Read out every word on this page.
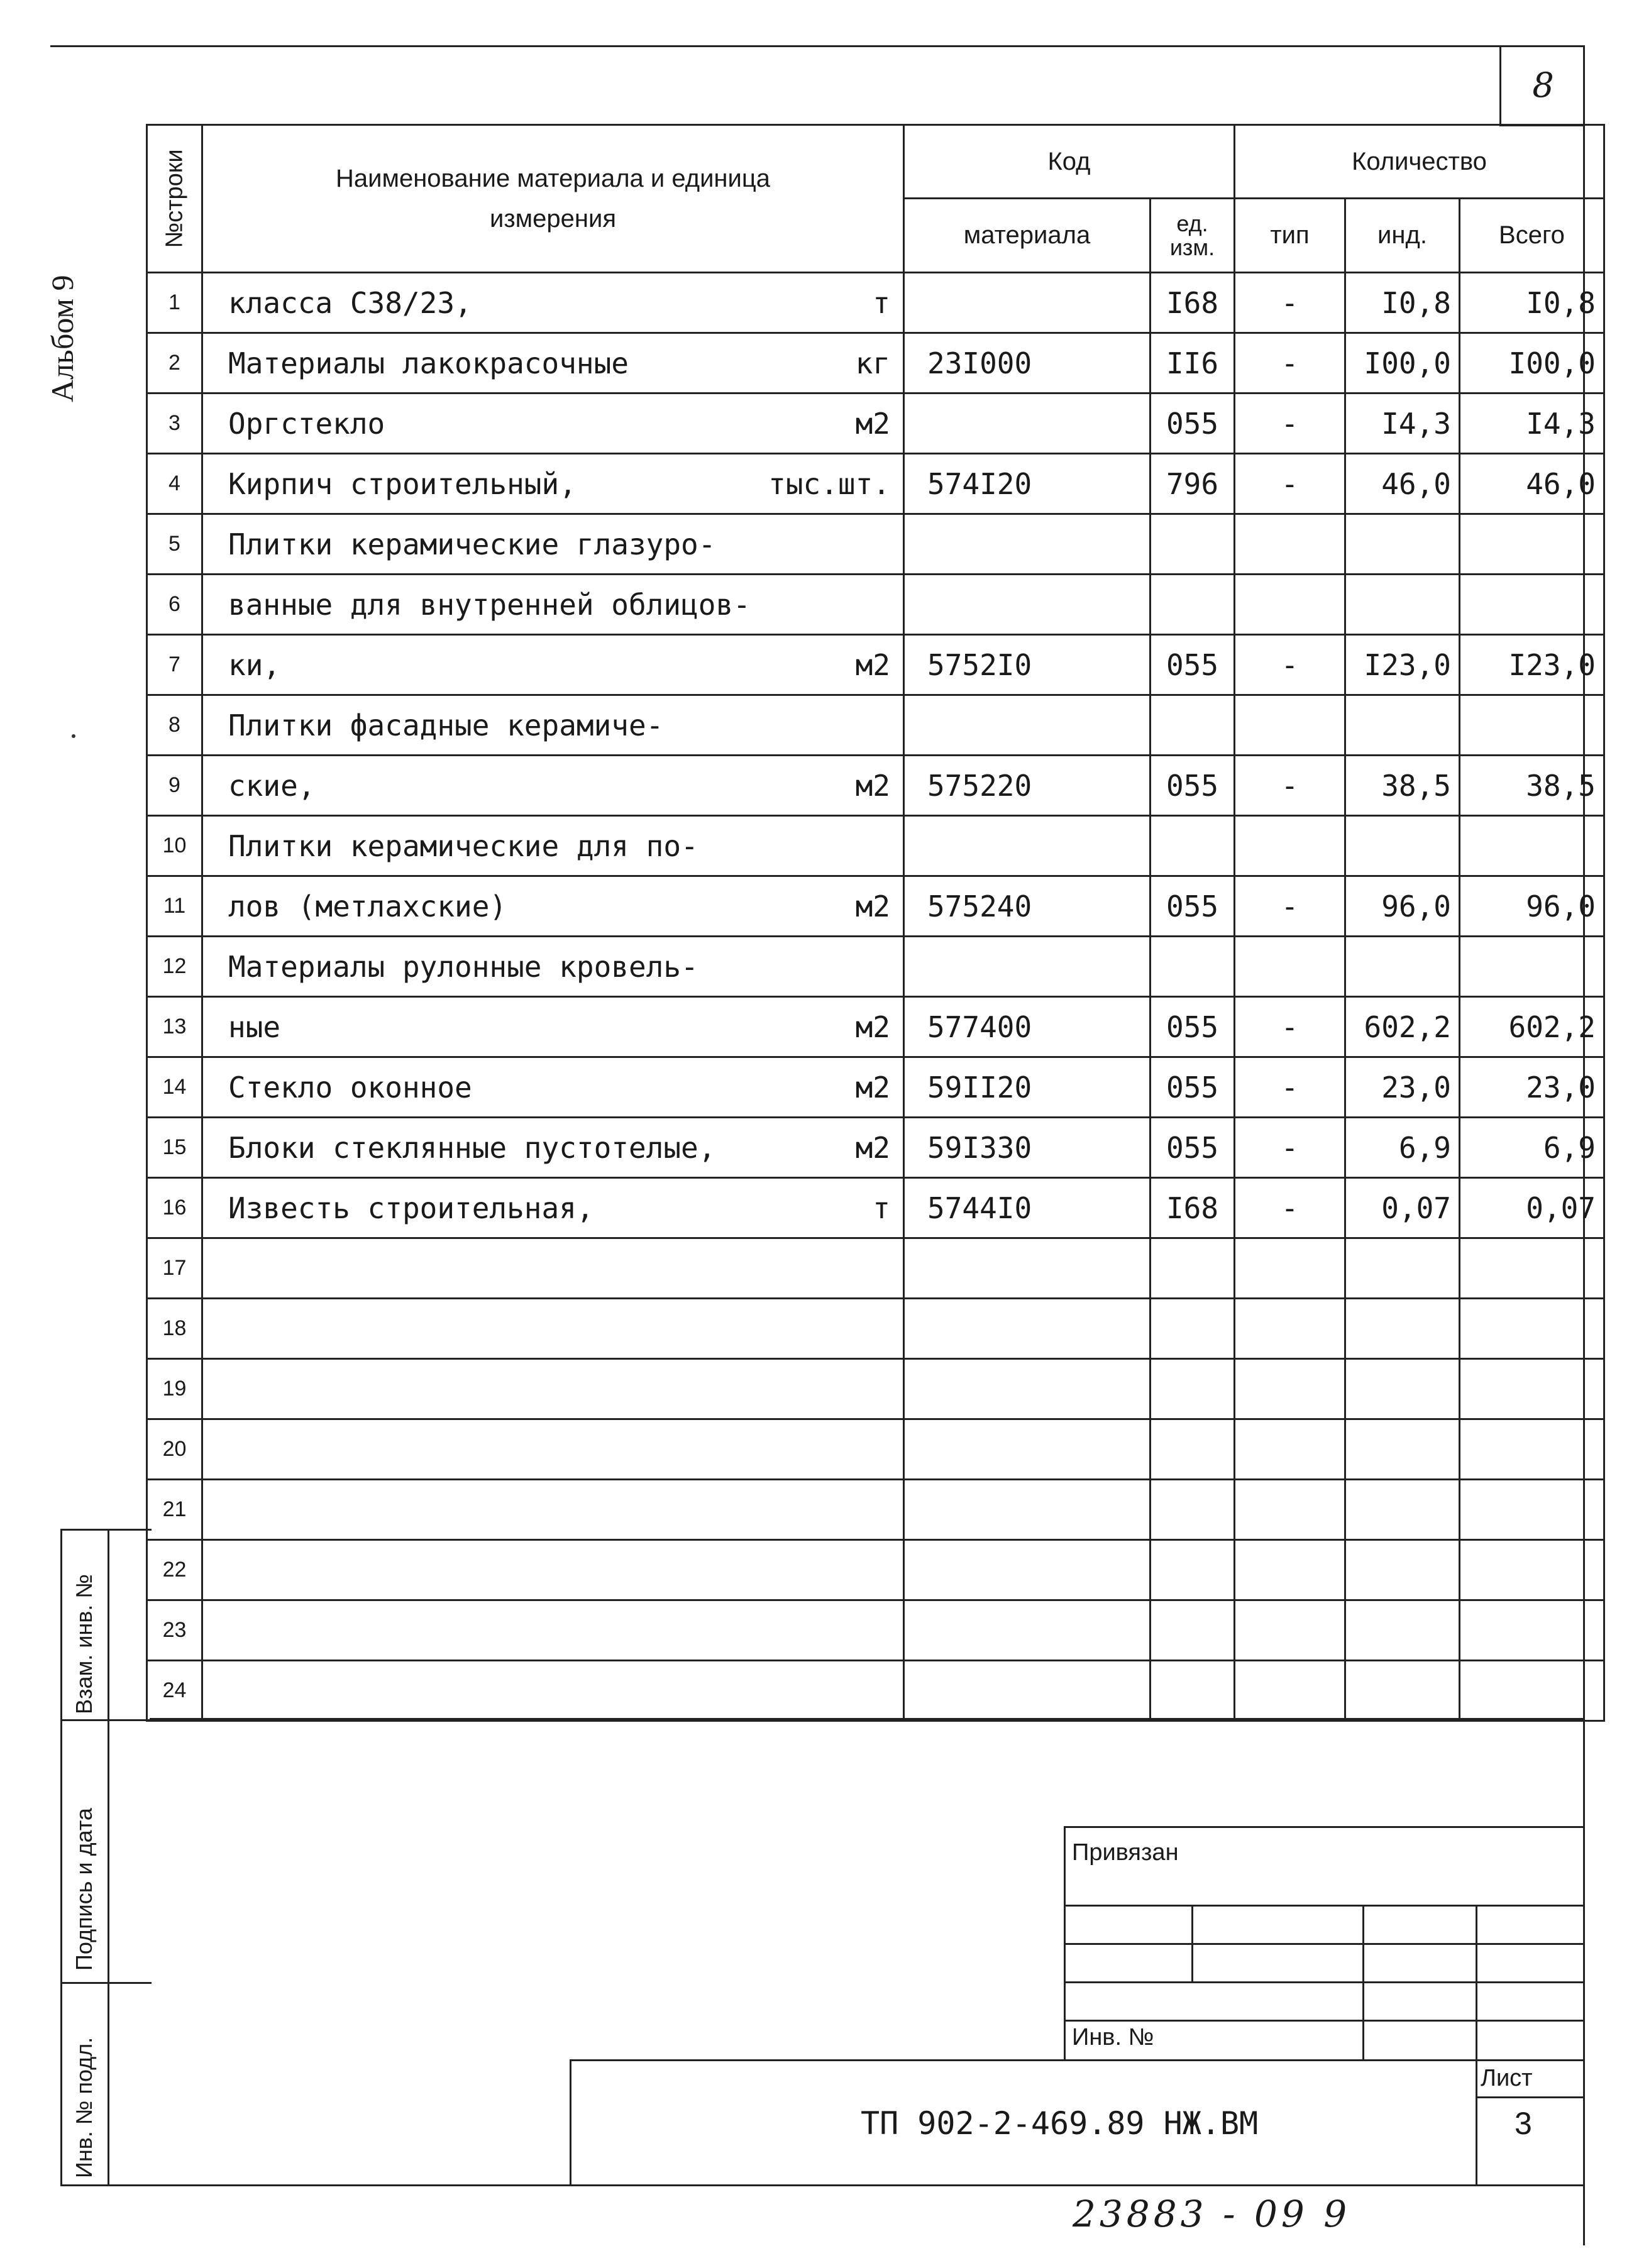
8
Альбом 9
№строки	Наименование материала и единица измерения	Код		Количество		
		материала	ед. изм.	тип	инд.	Всего
1	класса С38/23, т		I68	-	I0,8	I0,8
2	Материалы лакокрасочные кг	23I000	II6	-	I00,0	I00,0
3	Оргстекло м2		055	-	I4,3	I4,3
4	Кирпич строительный, тыс.шт.	574I20	796	-	46,0	46,0
5	Плитки керамические глазуро-					

6	ванные для внутренней облицов-					

7	ки, м2	5752I0	055	-	I23,0	I23,0
8	Плитки фасадные керамиче-					

9	ские, м2	575220	055	-	38,5	38,5
10	Плитки керамические для по-					

11	лов (метлахские) м2	575240	055	-	96,0	96,0
12	Материалы рулонные кровель-					

13	ные м2	577400	055	-	602,2	602,2
14	Стекло оконное м2	59II20	055	-	23,0	23,0
15	Блоки стеклянные пустотелые, м2	59I330	055	-	6,9	6,9
16	Известь строительная, т	5744I0	I68	-	0,07	0,07
17	

18	

19	

20	

21	

22	

23	

24	

Взам. инв. №
Подпись и дата
Инв. № подл.
Привязан
Инв. №
ТП 902-2-469.89 НЖ.ВМ
Лист
3
23883 - 09 9
